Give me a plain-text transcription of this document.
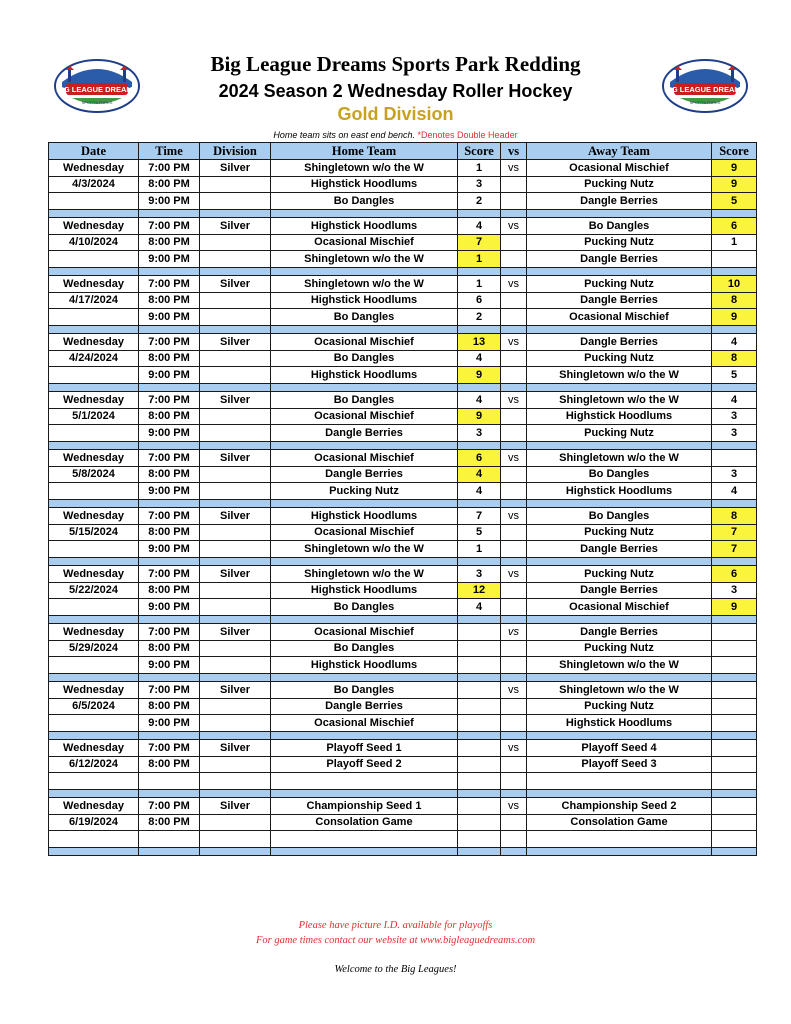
BIG LEAGUE DREAMS
SPORTS PARKS
BIG LEAGUE DREAMS
SPORTS PARKS
Big League Dreams Sports Park Redding
2024 Season 2 Wednesday Roller Hockey
Gold Division
Home team sits on east end bench. *Denotes Double Header
Date	Time	Division	Home Team	Score	vs	Away Team	Score
Wednesday	7:00 PM	Silver	Shingletown w/o the W	1	vs	Ocasional Mischief	9
4/3/2024	8:00 PM		Highstick Hoodlums	3		Pucking Nutz	9
	9:00 PM		Bo Dangles	2		Dangle Berries	5

Wednesday	7:00 PM	Silver	Highstick Hoodlums	4	vs	Bo Dangles	6
4/10/2024	8:00 PM		Ocasional Mischief	7		Pucking Nutz	1
	9:00 PM		Shingletown w/o the W	1		Dangle Berries	

Wednesday	7:00 PM	Silver	Shingletown w/o the W	1	vs	Pucking Nutz	10
4/17/2024	8:00 PM		Highstick Hoodlums	6		Dangle Berries	8
	9:00 PM		Bo Dangles	2		Ocasional Mischief	9

Wednesday	7:00 PM	Silver	Ocasional Mischief	13	vs	Dangle Berries	4
4/24/2024	8:00 PM		Bo Dangles	4		Pucking Nutz	8
	9:00 PM		Highstick Hoodlums	9		Shingletown w/o the W	5

Wednesday	7:00 PM	Silver	Bo Dangles	4	vs	Shingletown w/o the W	4
5/1/2024	8:00 PM		Ocasional Mischief	9		Highstick Hoodlums	3
	9:00 PM		Dangle Berries	3		Pucking Nutz	3

Wednesday	7:00 PM	Silver	Ocasional Mischief	6	vs	Shingletown w/o the W	
5/8/2024	8:00 PM		Dangle Berries	4		Bo Dangles	3
	9:00 PM		Pucking Nutz	4		Highstick Hoodlums	4

Wednesday	7:00 PM	Silver	Highstick Hoodlums	7	vs	Bo Dangles	8
5/15/2024	8:00 PM		Ocasional Mischief	5		Pucking Nutz	7
	9:00 PM		Shingletown w/o the W	1		Dangle Berries	7

Wednesday	7:00 PM	Silver	Shingletown w/o the W	3	vs	Pucking Nutz	6
5/22/2024	8:00 PM		Highstick Hoodlums	12		Dangle Berries	3
	9:00 PM		Bo Dangles	4		Ocasional Mischief	9

Wednesday	7:00 PM	Silver	Ocasional Mischief		vs	Dangle Berries	
5/29/2024	8:00 PM		Bo Dangles			Pucking Nutz	
	9:00 PM		Highstick Hoodlums			Shingletown w/o the W	

Wednesday	7:00 PM	Silver	Bo Dangles		vs	Shingletown w/o the W	
6/5/2024	8:00 PM		Dangle Berries			Pucking Nutz	
	9:00 PM		Ocasional Mischief			Highstick Hoodlums	

Wednesday	7:00 PM	Silver	Playoff Seed 1		vs	Playoff Seed 4	
6/12/2024	8:00 PM		Playoff Seed 2			Playoff Seed 3	

Wednesday	7:00 PM	Silver	Championship Seed 1		vs	Championship Seed 2	
6/19/2024	8:00 PM		Consolation Game			Consolation Game	

Please have picture I.D. available for playoffs
For game times contact our website at www.bigleaguedreams.com
Welcome to the Big Leagues!
